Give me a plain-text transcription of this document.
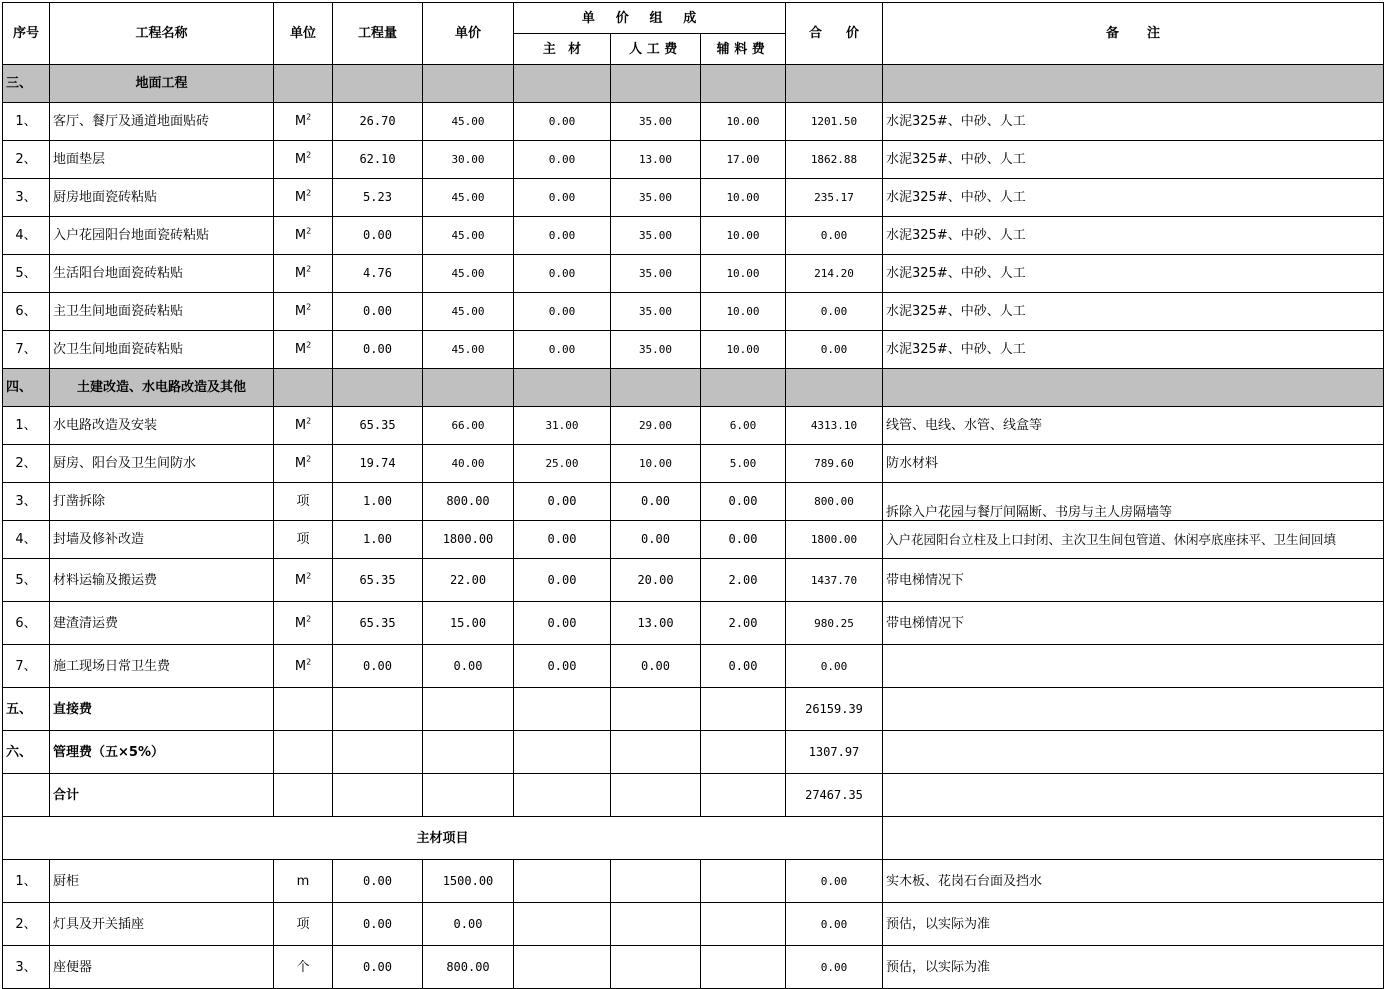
序号	工程名称	单位	工程量	单价	单价组成			合 价	备 注
					主 材	人工费	辅料费		
三、	地面工程								
1、	客厅、餐厅及通道地面贴砖	$M^2$	26.70	45.00	0.00	35.00	10.00	1201.50	水泥325#、中砂、人工
2、	地面垫层	$M^2$	62.10	30.00	0.00	13.00	17.00	1862.88	水泥325#、中砂、人工
3、	厨房地面瓷砖粘贴	$M^2$	5.23	45.00	0.00	35.00	10.00	235.17	水泥325#、中砂、人工
4、	入户花园阳台地面瓷砖粘贴	$M^2$	0.00	45.00	0.00	35.00	10.00	0.00	水泥325#、中砂、人工
5、	生活阳台地面瓷砖粘贴	$M^2$	4.76	45.00	0.00	35.00	10.00	214.20	水泥325#、中砂、人工
6、	主卫生间地面瓷砖粘贴	$M^2$	0.00	45.00	0.00	35.00	10.00	0.00	水泥325#、中砂、人工
7、	次卫生间地面瓷砖粘贴	$M^2$	0.00	45.00	0.00	35.00	10.00	0.00	水泥325#、中砂、人工
四、	土建改造、水电路改造及其他								
1、	水电路改造及安装	$M^2$	65.35	66.00	31.00	29.00	6.00	4313.10	线管、电线、水管、线盒等
2、	厨房、阳台及卫生间防水	$M^2$	19.74	40.00	25.00	10.00	5.00	789.60	防水材料
3、	打凿拆除	项	1.00	800.00	0.00	0.00	0.00	800.00	拆除入户花园与餐厅间隔断、书房与主人房隔墙等
4、	封墙及修补改造	项	1.00	1800.00	0.00	0.00	0.00	1800.00	入户花园阳台立柱及上口封闭、主次卫生间包管道、休闲亭底座抹平、卫生间回填
5、	材料运输及搬运费	$M^2$	65.35	22.00	0.00	20.00	2.00	1437.70	带电梯情况下
6、	建渣清运费	$M^2$	65.35	15.00	0.00	13.00	2.00	980.25	带电梯情况下
7、	施工现场日常卫生费	$M^2$	0.00	0.00	0.00	0.00	0.00	0.00	
五、	直接费							26159.39	
六、	管理费（五×5%）							1307.97	
	合计							27467.35	
主材项目									
1、	厨柜	m	0.00	1500.00				0.00	实木板、花岗石台面及挡水
2、	灯具及开关插座	项	0.00	0.00				0.00	预估，以实际为准
3、	座便器	个	0.00	800.00				0.00	预估，以实际为准
